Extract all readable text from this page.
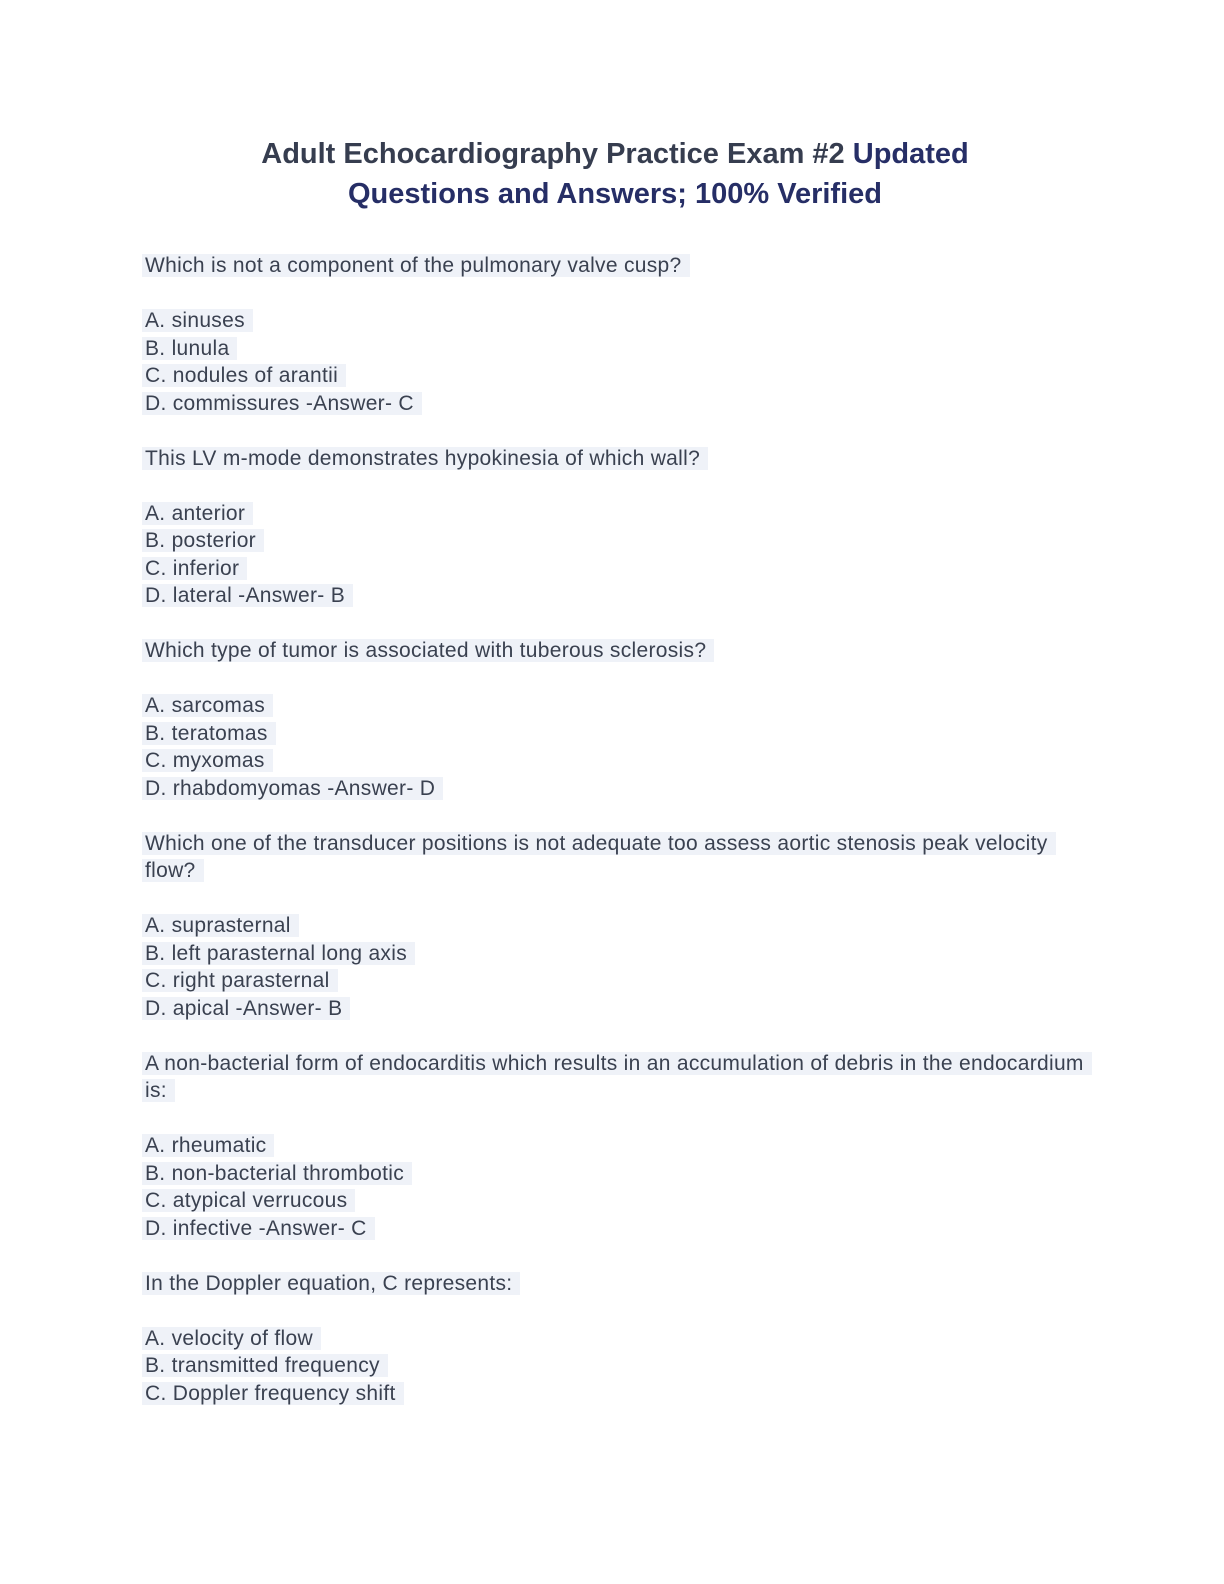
Adult Echocardiography Practice Exam #2 Updated
Questions and Answers; 100% Verified

Which is not a component of the pulmonary valve cusp?

A. sinuses

B. lunula

C. nodules of arantii

D. commissures -Answer- C

This LV m-mode demonstrates hypokinesia of which wall?

A. anterior

B. posterior

C. inferior

D. lateral -Answer- B

Which type of tumor is associated with tuberous sclerosis?

A. sarcomas

B. teratomas

C. myxomas

D. rhabdomyomas -Answer- D

Which one of the transducer positions is not adequate too assess aortic stenosis peak velocity flow?

A. suprasternal

B. left parasternal long axis

C. right parasternal

D. apical -Answer- B

A non-bacterial form of endocarditis which results in an accumulation of debris in the endocardium is:

A. rheumatic

B. non-bacterial thrombotic

C. atypical verrucous

D. infective -Answer- C

In the Doppler equation, C represents:

A. velocity of flow

B. transmitted frequency

C. Doppler frequency shift
